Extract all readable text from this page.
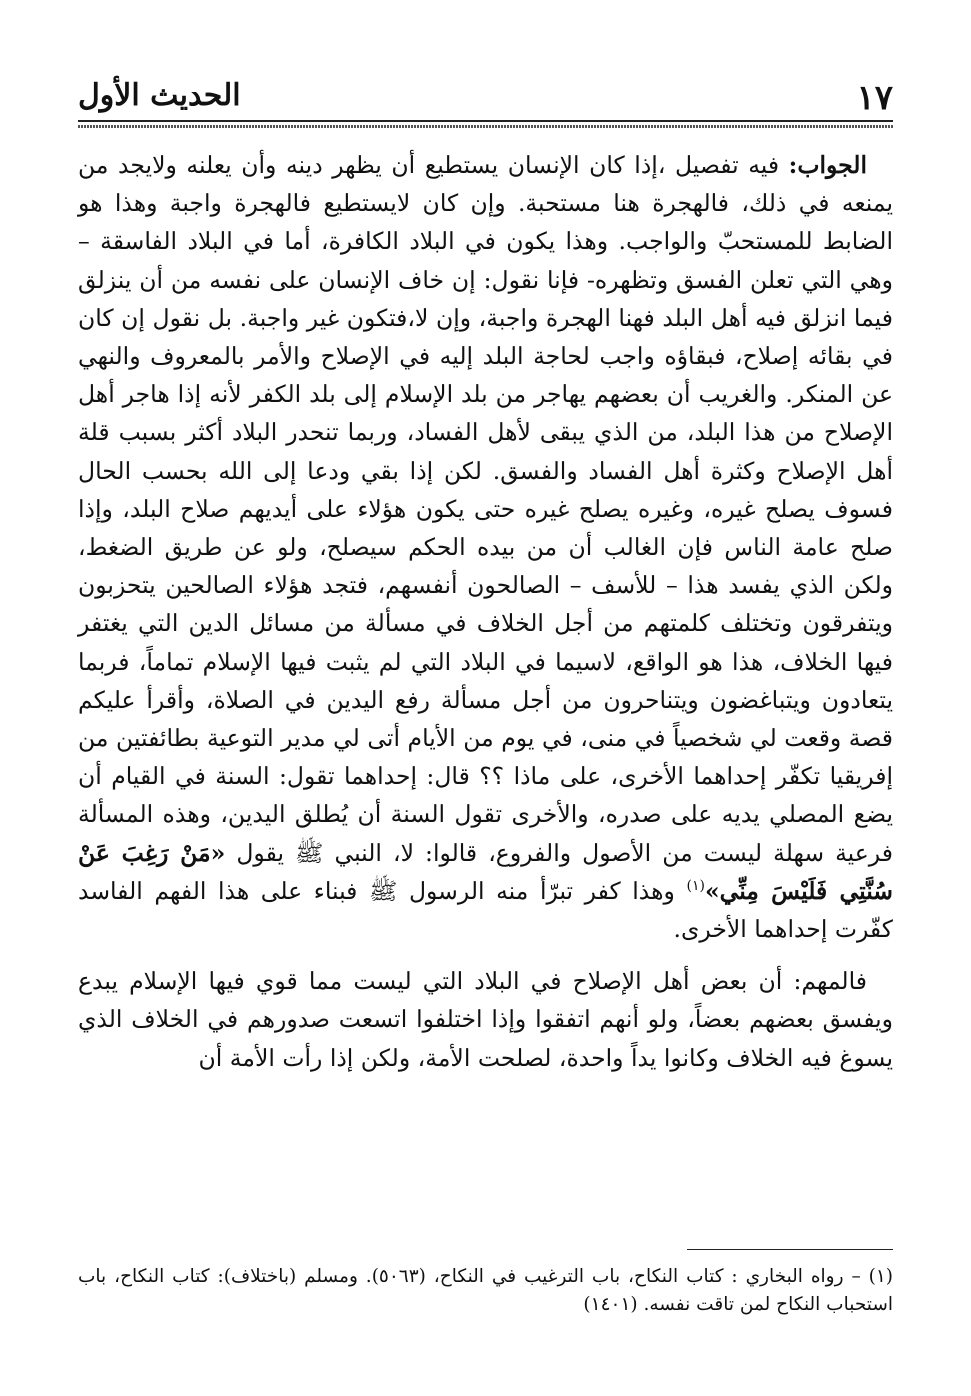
١٧
الحديث الأول

الجواب: فيه تفصيل ،إذا كان الإنسان يستطيع أن يظهر دينه وأن يعلنه ولايجد من يمنعه في ذلك، فالهجرة هنا مستحبة. وإن كان لايستطيع فالهجرة واجبة وهذا هو الضابط للمستحبّ والواجب. وهذا يكون في البلاد الكافرة، أما في البلاد الفاسقة – وهي التي تعلن الفسق وتظهره- فإنا نقول: إن خاف الإنسان على نفسه من أن ينزلق فيما انزلق فيه أهل البلد فهنا الهجرة واجبة، وإن لا،فتكون غير واجبة. بل نقول إن كان في بقائه إصلاح، فبقاؤه واجب لحاجة البلد إليه في الإصلاح والأمر بالمعروف والنهي عن المنكر. والغريب أن بعضهم يهاجر من بلد الإسلام إلى بلد الكفر لأنه إذا هاجر أهل الإصلاح من هذا البلد، من الذي يبقى لأهل الفساد، وربما تنحدر البلاد أكثر بسبب قلة أهل الإصلاح وكثرة أهل الفساد والفسق. لكن إذا بقي ودعا إلى الله بحسب الحال فسوف يصلح غيره، وغيره يصلح غيره حتى يكون هؤلاء على أيديهم صلاح البلد، وإذا صلح عامة الناس فإن الغالب أن من بيده الحكم سيصلح، ولو عن طريق الضغط، ولكن الذي يفسد هذا – للأسف – الصالحون أنفسهم، فتجد هؤلاء الصالحين يتحزبون ويتفرقون وتختلف كلمتهم من أجل الخلاف في مسألة من مسائل الدين التي يغتفر فيها الخلاف، هذا هو الواقع، لاسيما في البلاد التي لم يثبت فيها الإسلام تماماً، فربما يتعادون ويتباغضون ويتناحرون من أجل مسألة رفع اليدين في الصلاة، وأقرأ عليكم قصة وقعت لي شخصياً في منى، في يوم من الأيام أتى لي مدير التوعية بطائفتين من إفريقيا تكفّر إحداهما الأخرى، على ماذا ؟؟ قال: إحداهما تقول: السنة في القيام أن يضع المصلي يديه على صدره، والأخرى تقول السنة أن يُطلق اليدين، وهذه المسألة فرعية سهلة ليست من الأصول والفروع، قالوا: لا، النبي ﷺ يقول «مَنْ رَغِبَ عَنْ سُنَّتِي فَلَيْسَ مِنِّي»$^{(١)}$ وهذا كفر تبرّأ منه الرسول ﷺ فبناء على هذا الفهم الفاسد كفّرت إحداهما الأخرى.

فالمهم: أن بعض أهل الإصلاح في البلاد التي ليست مما قوي فيها الإسلام يبدع ويفسق بعضهم بعضاً، ولو أنهم اتفقوا وإذا اختلفوا اتسعت صدورهم في الخلاف الذي يسوغ فيه الخلاف وكانوا يداً واحدة، لصلحت الأمة، ولكن إذا رأت الأمة أن

(١) – رواه البخاري : كتاب النكاح، باب الترغيب في النكاح، (٥٠٦٣). ومسلم (باختلاف): كتاب النكاح، باب استحباب النكاح لمن تاقت نفسه. (١٤٠١)
